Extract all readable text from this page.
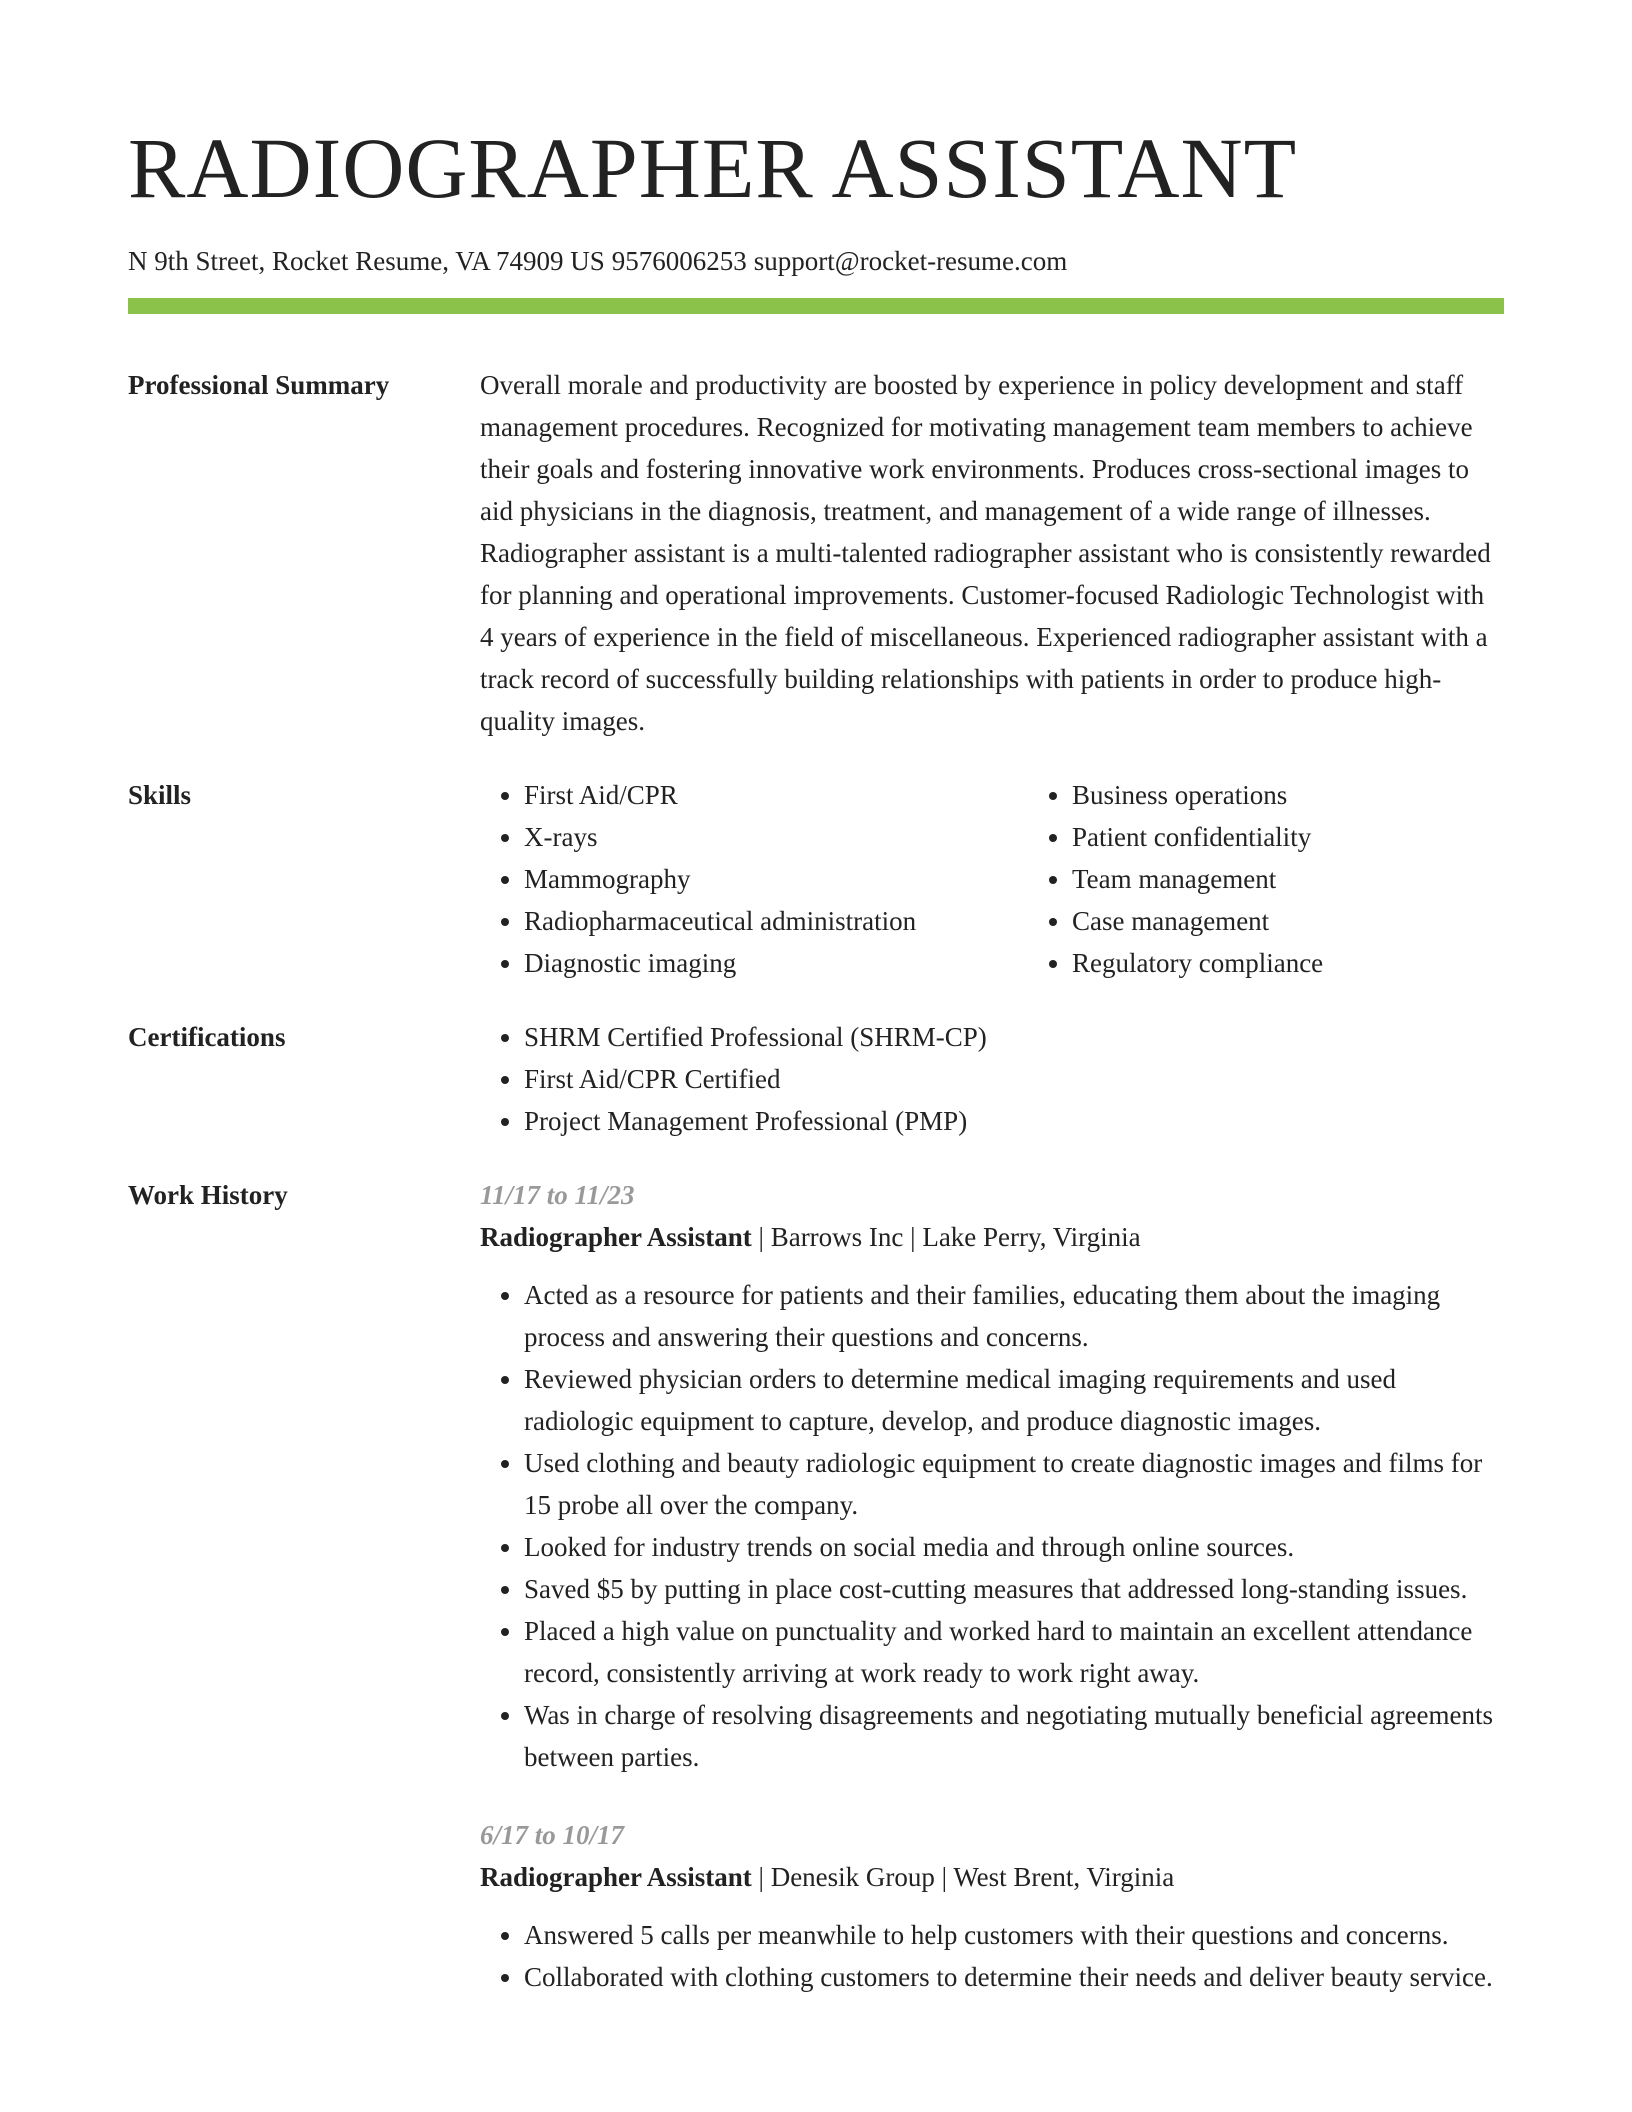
RADIOGRAPHER ASSISTANT
N 9th Street, Rocket Resume, VA 74909 US 9576006253 support@rocket-resume.com
Professional Summary	Overall morale and productivity are boosted by experience in policy development and staff management procedures. Recognized for motivating management team members to achieve their goals and fostering innovative work environments. Produces cross-sectional images to aid physicians in the diagnosis, treatment, and management of a wide range of illnesses. Radiographer assistant is a multi-talented radiographer assistant who is consistently rewarded for planning and operational improvements. Customer-focused Radiologic Technologist with 4 years of experience in the field of miscellaneous. Experienced radiographer assistant with a track record of successfully building relationships with patients in order to produce high-quality images.

Skills	• First Aid/CPR
• X-rays
• Mammography
• Radiopharmaceutical administration
• Diagnostic imaging
• Business operations
• Patient confidentiality
• Team management
• Case management
• Regulatory compliance
Certifications	• SHRM Certified Professional (SHRM-CP)
• First Aid/CPR Certified
• Project Management Professional (PMP)
Work History	11/17 to 11/23
Radiographer Assistant | Barrows Inc | Lake Perry, Virginia
• Acted as a resource for patients and their families, educating them about the imaging process and answering their questions and concerns.
• Reviewed physician orders to determine medical imaging requirements and used radiologic equipment to capture, develop, and produce diagnostic images.
• Used clothing and beauty radiologic equipment to create diagnostic images and films for 15 probe all over the company.
• Looked for industry trends on social media and through online sources.
• Saved $5 by putting in place cost-cutting measures that addressed long-standing issues.
• Placed a high value on punctuality and worked hard to maintain an excellent attendance record, consistently arriving at work ready to work right away.
• Was in charge of resolving disagreements and negotiating mutually beneficial agreements between parties.
6/17 to 10/17
Radiographer Assistant | Denesik Group | West Brent, Virginia
• Answered 5 calls per meanwhile to help customers with their questions and concerns.
• Collaborated with clothing customers to determine their needs and deliver beauty service.
